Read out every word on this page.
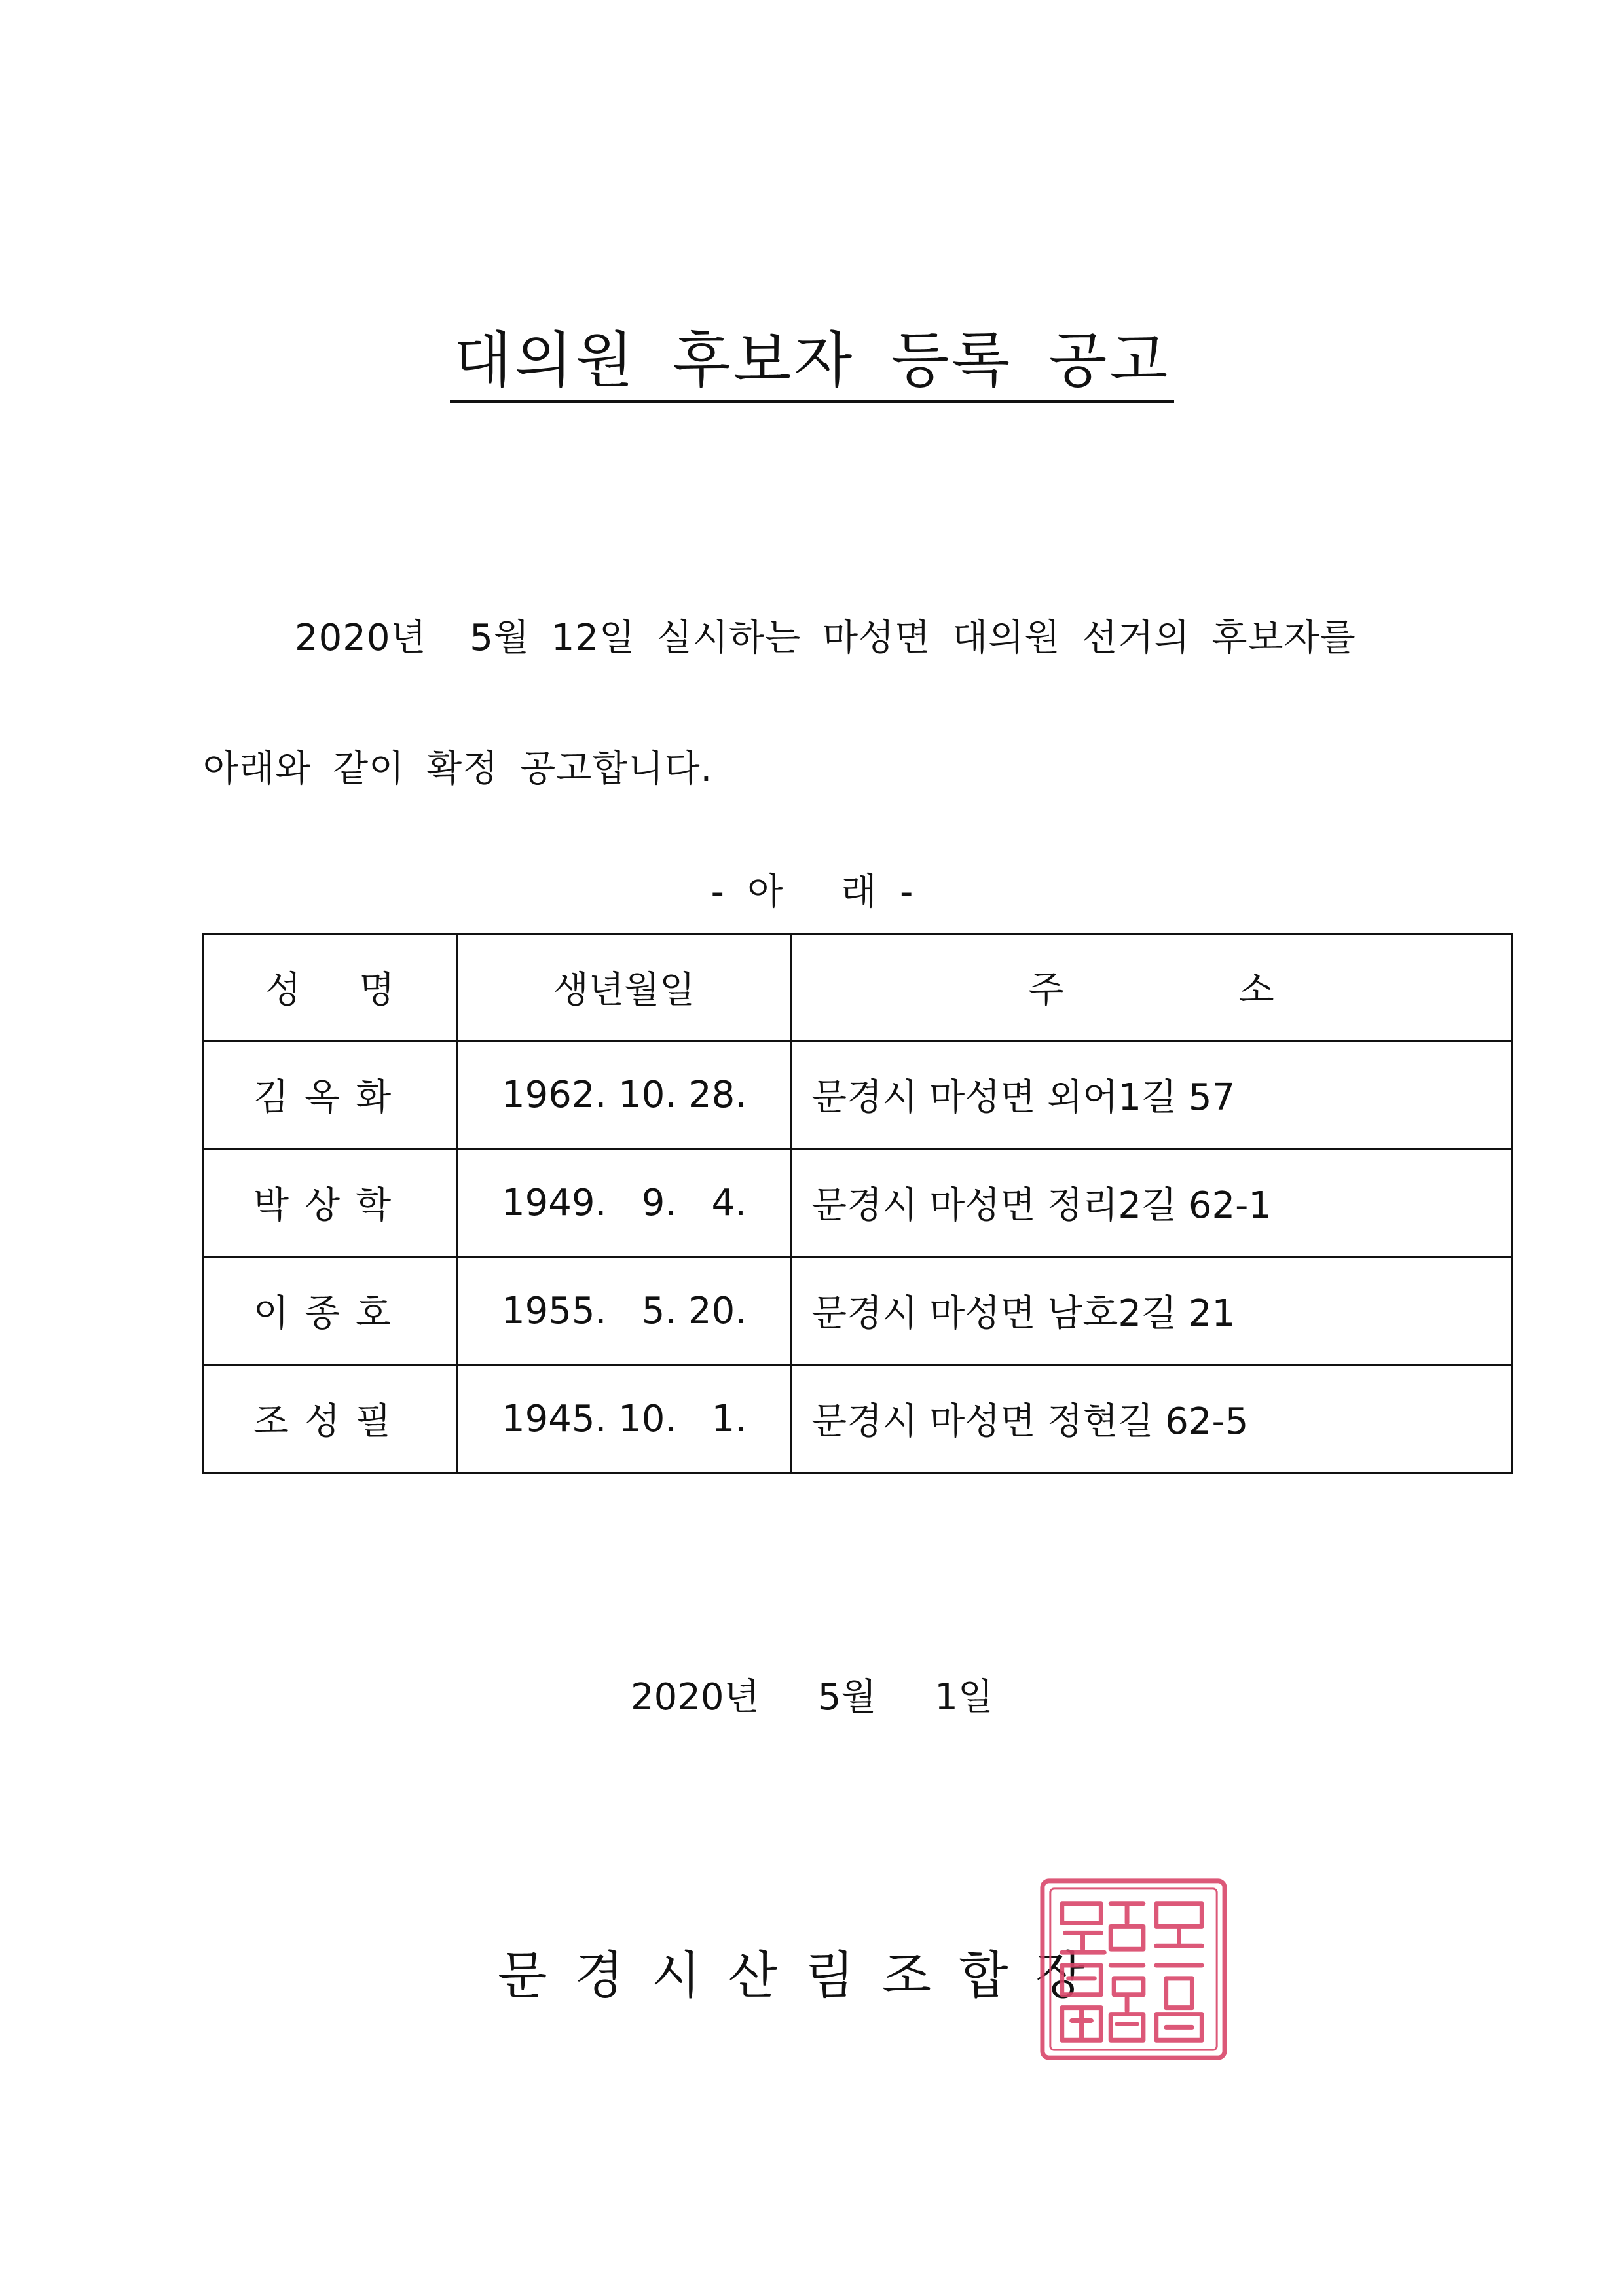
대의원 후보자 등록 공고
2020년  5월 12일 실시하는 마성면 대의원 선거의 후보자를
아래와 같이 확정 공고합니다.
-  아     래  -
성     명	생년월일	주               소
김옥화	1962. 10. 28.	문경시 마성면 외어1길 57
박상학	1949.   9.   4.	문경시 마성면 정리2길 62-1
이종호	1955.   5. 20.	문경시 마성면 남호2길 21
조성필	1945. 10.   1.	문경시 마성면 정현길 62-5
2020년     5월     1일
문경시산림조합장
